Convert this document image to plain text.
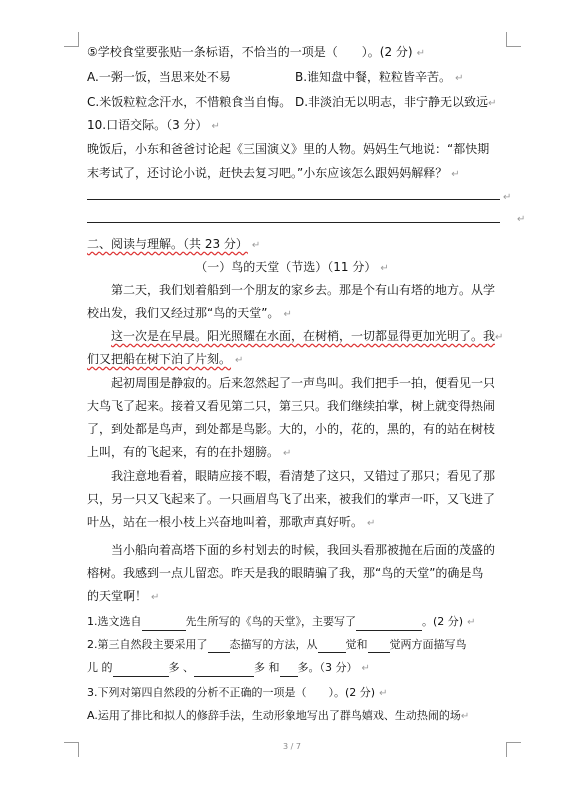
⑤学校食堂要张贴一条标语，不恰当的一项是（　　）。(2 分) ↵
A.一粥一饭，当思来处不易	B.谁知盘中餐，粒粒皆辛苦。 ↵
C.米饭粒粒念汗水，不惜粮食当自悔。 D.非淡泊无以明志，非宁静无以致远↵
10.口语交际。（3 分） ↵
晚饭后，小东和爸爸讨论起《三国演义》里的人物。妈妈生气地说：“都快期
末考试了，还讨论小说，赶快去复习吧。”小东应该怎么跟妈妈解释？ ↵
↵
↵
二、阅读与理解。（共 23 分） ↵
（一）鸟的天堂（节选）（11 分） ↵
第二天，我们划着船到一个朋友的家乡去。那是个有山有塔的地方。从学
校出发，我们又经过那“鸟的天堂”。 ↵
这一次是在早晨。阳光照耀在水面，在树梢，一切都显得更加光明了。我↵
们又把船在树下泊了片刻。 ↵
起初周围是静寂的。后来忽然起了一声鸟叫。我们把手一拍，便看见一只
大鸟飞了起来。接着又看见第二只，第三只。我们继续拍掌，树上就变得热闹
了，到处都是鸟声，到处都是鸟影。大的，小的，花的，黑的，有的站在树枝
上叫，有的飞起来，有的在扑翅膀。 ↵
我注意地看着，眼睛应接不暇，看清楚了这只，又错过了那只；看见了那
只，另一只又飞起来了。一只画眉鸟飞了出来，被我们的掌声一吓，又飞进了
叶丛，站在一根小枝上兴奋地叫着，那歌声真好听。 ↵
当小船向着高塔下面的乡村划去的时候，我回头看那被抛在后面的茂盛的
榕树。我感到一点儿留恋。昨天是我的眼睛骗了我，那“鸟的天堂”的确是鸟
的天堂啊！ ↵
1.选文选自	先生所写的《鸟的天堂》，主要写了	。(2 分) ↵
2.第三自然段主要采用了 态描写的方法，从	觉和 觉两方面描写鸟
儿 的	多 、	多 和 多。（3 分） ↵
3.下列对第四自然段的分析不正确的一项是（　　）。(2 分) ↵
A.运用了排比和拟人的修辞手法，生动形象地写出了群鸟嬉戏、生动热闹的场↵
3 / 7
